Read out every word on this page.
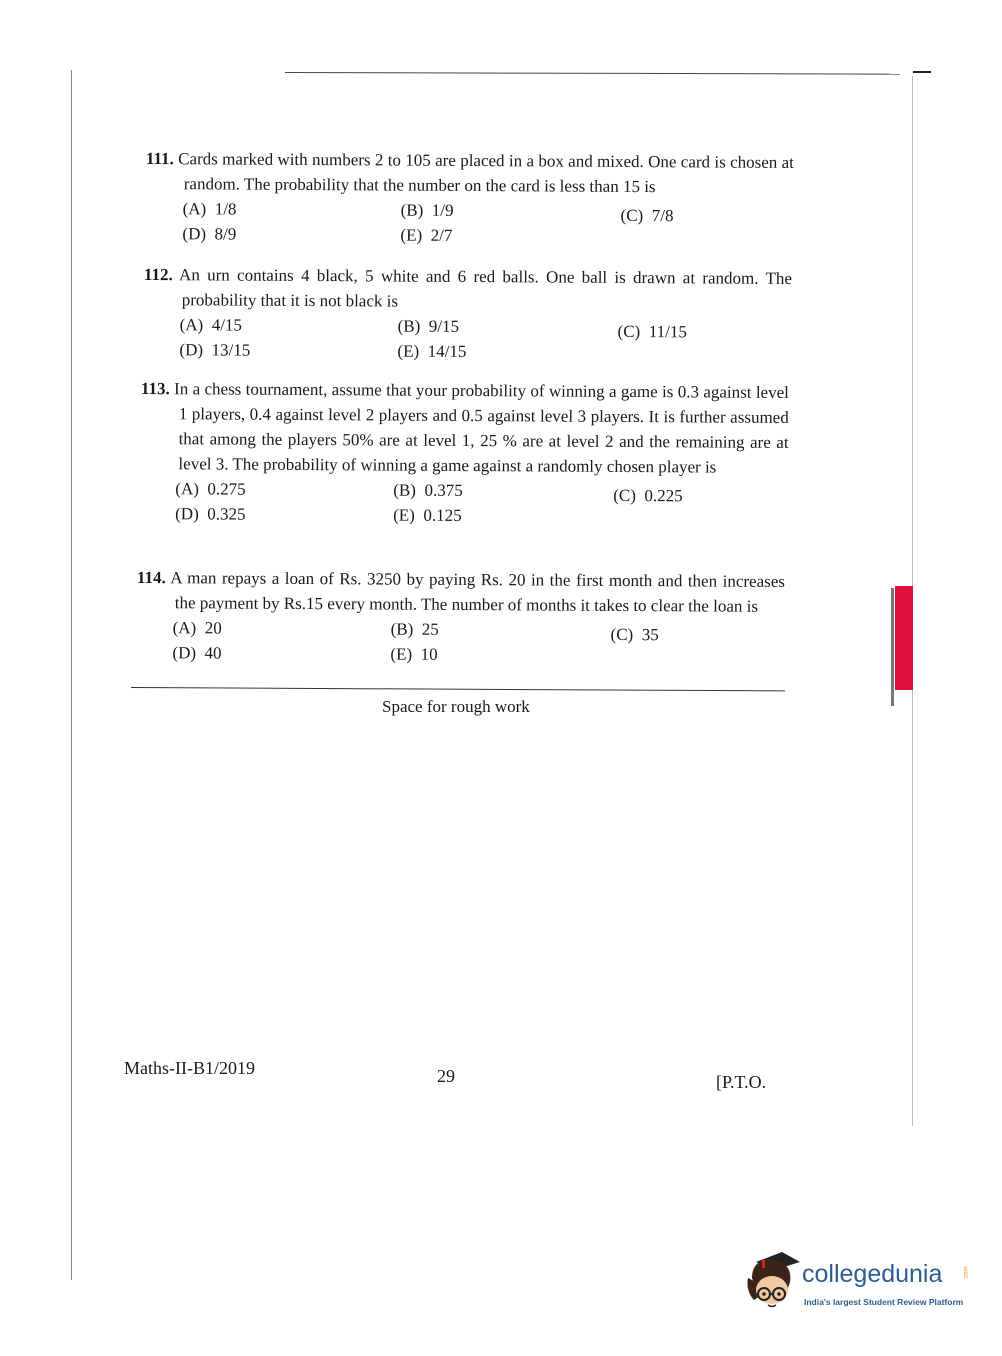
111. Cards marked with numbers 2 to 105 are placed in a box and mixed. One card is chosen at random. The probability that the number on the card is less than 15 is

(A) 1/8	(B) 1/9	(C) 7/8
(D) 8/9	(E) 2/7

112. An urn contains 4 black, 5 white and 6 red balls. One ball is drawn at random. The probability that it is not black is

(A) 4/15	(B) 9/15	(C) 11/15
(D) 13/15	(E) 14/15

113. In a chess tournament, assume that your probability of winning a game is 0.3 against level 1 players, 0.4 against level 2 players and 0.5 against level 3 players. It is further assumed that among the players 50% are at level 1, 25 % are at level 2 and the remaining are at level 3. The probability of winning a game against a randomly chosen player is

(A) 0.275	(B) 0.375	(C) 0.225
(D) 0.325	(E) 0.125

114. A man repays a loan of Rs. 3250 by paying Rs. 20 in the first month and then increases the payment by Rs.15 every month. The number of months it takes to clear the loan is

(A) 20	(B) 25	(C) 35
(D) 40	(E) 10
Space for rough work
Maths-II-B1/2019	29	[P.T.O.
collegedunia	.com
India's largest Student Review Platform
